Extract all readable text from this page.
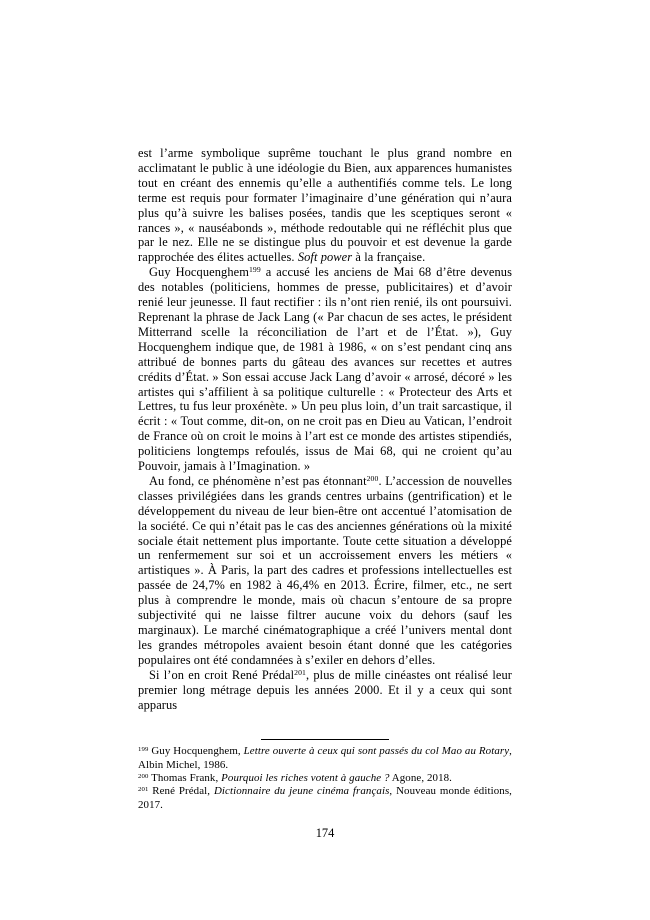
est l’arme symbolique suprême touchant le plus grand nombre en acclimatant le public à une idéologie du Bien, aux apparences humanistes tout en créant des ennemis qu’elle a authentifiés comme tels. Le long terme est requis pour formater l’imaginaire d’une génération qui n’aura plus qu’à suivre les balises posées, tandis que les sceptiques seront « rances », « nauséabonds », méthode redoutable qui ne réfléchit plus que par le nez. Elle ne se distingue plus du pouvoir et est devenue la garde rapprochée des élites actuelles. Soft power à la française.

Guy Hocquenghem$^{199}$ a accusé les anciens de Mai 68 d’être devenus des notables (politiciens, hommes de presse, publicitaires) et d’avoir renié leur jeunesse. Il faut rectifier : ils n’ont rien renié, ils ont poursuivi. Reprenant la phrase de Jack Lang (« Par chacun de ses actes, le président Mitterrand scelle la réconciliation de l’art et de l’État. »), Guy Hocquenghem indique que, de 1981 à 1986, « on s’est pendant cinq ans attribué de bonnes parts du gâteau des avances sur recettes et autres crédits d’État. » Son essai accuse Jack Lang d’avoir « arrosé, décoré » les artistes qui s’affilient à sa politique culturelle : « Protecteur des Arts et Lettres, tu fus leur proxénète. » Un peu plus loin, d’un trait sarcastique, il écrit : « Tout comme, dit-on, on ne croit pas en Dieu au Vatican, l’endroit de France où on croit le moins à l’art est ce monde des artistes stipendiés, politiciens longtemps refoulés, issus de Mai 68, qui ne croient qu’au Pouvoir, jamais à l’Imagination. »

Au fond, ce phénomène n’est pas étonnant$^{200}$. L’accession de nouvelles classes privilégiées dans les grands centres urbains (gentrification) et le développement du niveau de leur bien-être ont accentué l’atomisation de la société. Ce qui n’était pas le cas des anciennes générations où la mixité sociale était nettement plus importante. Toute cette situation a développé un renfermement sur soi et un accroissement envers les métiers « artistiques ». À Paris, la part des cadres et professions intellectuelles est passée de 24,7% en 1982 à 46,4% en 2013. Écrire, filmer, etc., ne sert plus à comprendre le monde, mais où chacun s’entoure de sa propre subjectivité qui ne laisse filtrer aucune voix du dehors (sauf les marginaux). Le marché cinématographique a créé l’univers mental dont les grandes métropoles avaient besoin étant donné que les catégories populaires ont été condamnées à s’exiler en dehors d’elles.

Si l’on en croit René Prédal$^{201}$, plus de mille cinéastes ont réalisé leur premier long métrage depuis les années 2000. Et il y a ceux qui sont apparus

$^{199}$ Guy Hocquenghem, Lettre ouverte à ceux qui sont passés du col Mao au Rotary, Albin Michel, 1986.

$^{200}$ Thomas Frank, Pourquoi les riches votent à gauche ? Agone, 2018.

$^{201}$ René Prédal, Dictionnaire du jeune cinéma français, Nouveau monde éditions, 2017.

174
